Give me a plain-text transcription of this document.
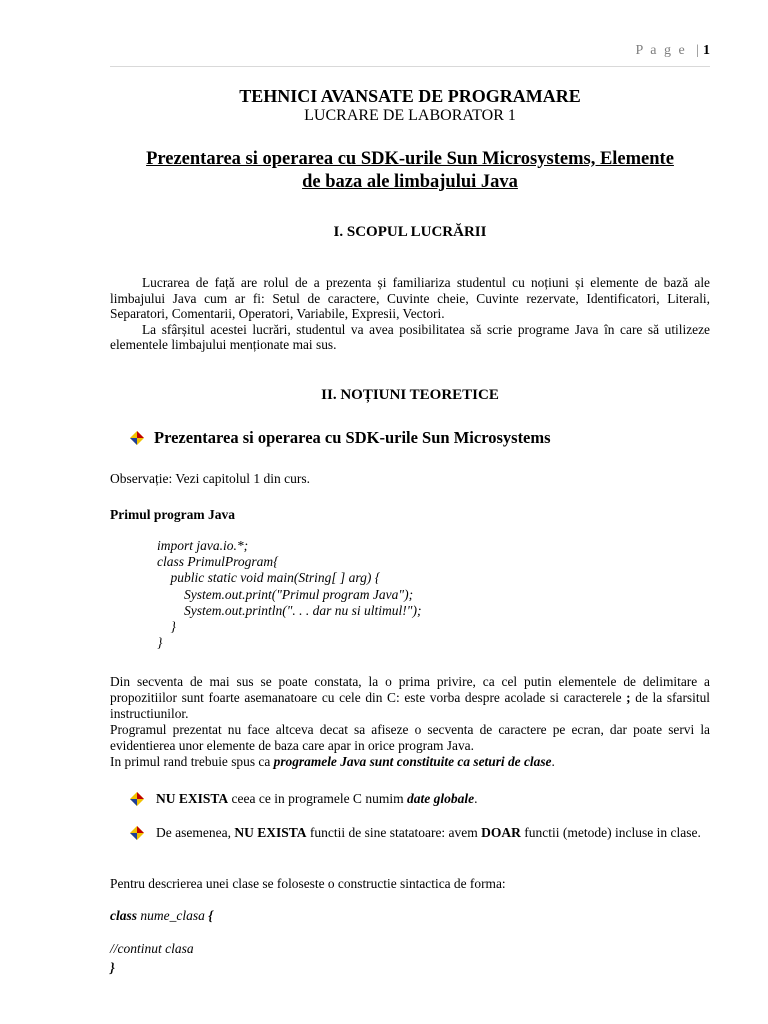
P a g e | 1
TEHNICI AVANSATE DE PROGRAMARE
LUCRARE DE LABORATOR 1
Prezentarea si operarea cu SDK-urile Sun Microsystems, Elemente
de baza ale limbajului Java
I. SCOPUL LUCRĂRII
Lucrarea de față are rolul de a prezenta și familiariza studentul cu noțiuni și elemente de bază ale limbajului Java cum ar fi: Setul de caractere, Cuvinte cheie, Cuvinte rezervate, Identificatori, Literali, Separatori, Comentarii, Operatori, Variabile, Expresii, Vectori.
La sfârșitul acestei lucrări, studentul va avea posibilitatea să scrie programe Java în care să utilizeze elementele limbajului menționate mai sus.
II. NOȚIUNI TEORETICE
Prezentarea si operarea cu SDK-urile Sun Microsystems
Observație: Vezi capitolul 1 din curs.
Primul program Java
import java.io.*;
class PrimulProgram{
public static void main(String[ ] arg) {
System.out.print("Primul program Java");
System.out.println(". . . dar nu si ultimul!");
}
}
Din secventa de mai sus se poate constata, la o prima privire, ca cel putin elementele de delimitare a propozitiilor sunt foarte asemanatoare cu cele din C: este vorba despre acolade si caracterele ; de la sfarsitul instructiunilor.
Programul prezentat nu face altceva decat sa afiseze o secventa de caractere pe ecran, dar poate servi la evidentierea unor elemente de baza care apar in orice program Java.
In primul rand trebuie spus ca programele Java sunt constituite ca seturi de clase.
NU EXISTA ceea ce in programele C numim date globale.
De asemenea, NU EXISTA functii de sine statatoare: avem DOAR functii (metode) incluse in clase.
Pentru descrierea unei clase se foloseste o constructie sintactica de forma:
class nume_clasa {
//continut clasa
}
